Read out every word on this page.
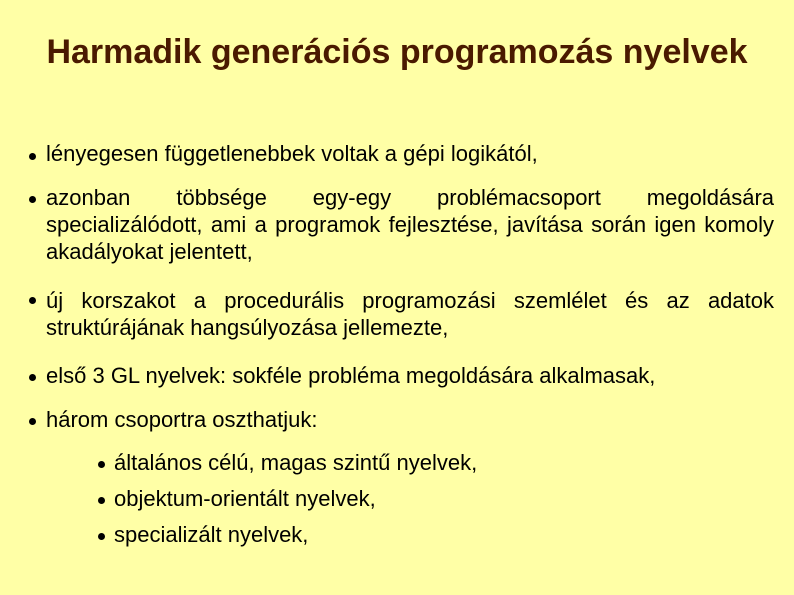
Harmadik generációs programozás nyelvek
lényegesen függetlenebbek voltak a gépi logikától,
azonban többsége egy-egy problémacsoport megoldására specializálódott, ami a programok fejlesztése, javítása során igen komoly akadályokat jelentett,
új korszakot a procedurális programozási szemlélet és az adatok struktúrájának hangsúlyozása jellemezte,
első 3 GL nyelvek: sokféle probléma megoldására alkalmasak,
három csoportra oszthatjuk:
általános célú, magas szintű nyelvek,
objektum-orientált nyelvek,
specializált nyelvek,
